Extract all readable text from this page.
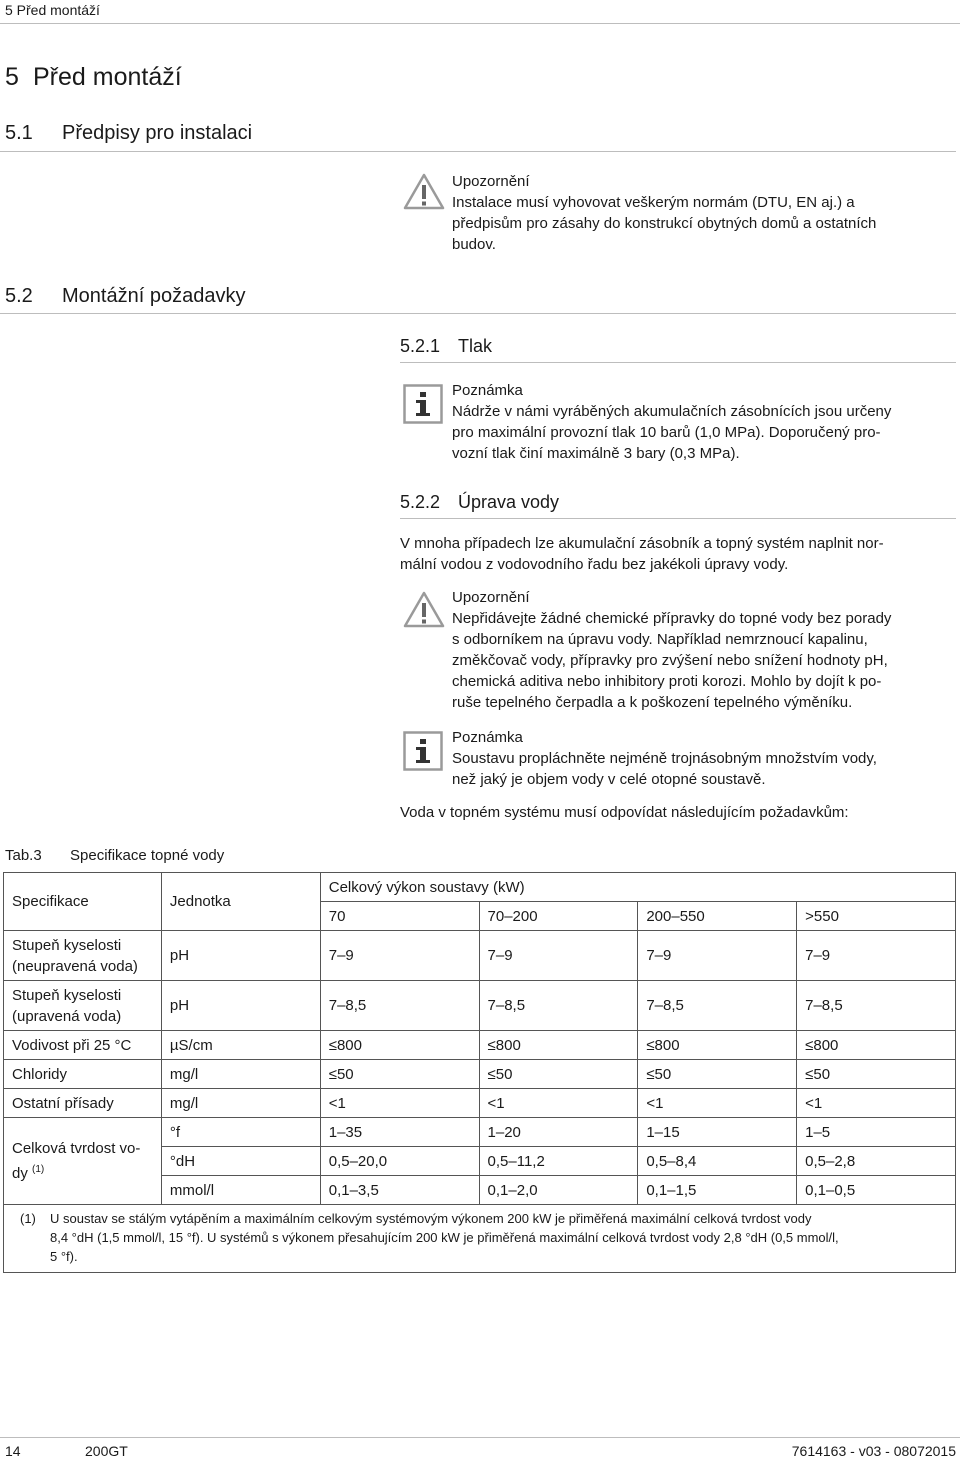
5 Před montáží
5 Před montáží
5.1 Předpisy pro instalaci
Upozornění
Instalace musí vyhovovat veškerým normám (DTU, EN aj.) a
předpisům pro zásahy do konstrukcí obytných domů a ostatních
budov.
5.2 Montážní požadavky
5.2.1 Tlak
Poznámka
Nádrže v námi vyráběných akumulačních zásobnících jsou určeny
pro maximální provozní tlak 10 barů (1,0 MPa). Doporučený pro-
vozní tlak činí maximálně 3 bary (0,3 MPa).
5.2.2 Úprava vody
V mnoha případech lze akumulační zásobník a topný systém naplnit nor-
mální vodou z vodovodního řadu bez jakékoli úpravy vody.
Upozornění
Nepřidávejte žádné chemické přípravky do topné vody bez porady
s odborníkem na úpravu vody. Například nemrznoucí kapalinu,
změkčovač vody, přípravky pro zvýšení nebo snížení hodnoty pH,
chemická aditiva nebo inhibitory proti korozi. Mohlo by dojít k po-
ruše tepelného čerpadla a k poškození tepelného výměníku.
Poznámka
Soustavu propláchněte nejméně trojnásobným množstvím vody,
než jaký je objem vody v celé otopné soustavě.
Voda v topném systému musí odpovídat následujícím požadavkům:
Tab.3 Specifikace topné vody
Specifikace	Jednotka	Celkový výkon soustavy (kW)			
		70	70–200	200–550	>550

Stupeň kyselosti
(neupravená voda)	pH	7–9	7–9	7–9	7–9

Stupeň kyselosti
(upravená voda)	pH	7–8,5	7–8,5	7–8,5	7–8,5
Vodivost při 25 °C	µS/cm	≤800	≤800	≤800	≤800
Chloridy	mg/l	≤50	≤50	≤50	≤50
Ostatní přísady	mg/l	<1	<1	<1	<1

Celková tvrdost vo-
dy $^{(1)}$	°f	1–35	1–20	1–15	1–5
	°dH	0,5–20,0	0,5–11,2	0,5–8,4	0,5–2,8
	mmol/l	0,1–3,5	0,1–2,0	0,1–1,5	0,1–0,5

(1) U soustav se stálým vytápěním a maximálním celkovým systémovým výkonem 200 kW je přiměřená maximální celková tvrdost vody
8,4 °dH (1,5 mmol/l, 15 °f). U systémů s výkonem přesahujícím 200 kW je přiměřená maximální celková tvrdost vody 2,8 °dH (0,5 mmol/l,
5 °f).					
14	200GT	7614163 - v03 - 08072015
